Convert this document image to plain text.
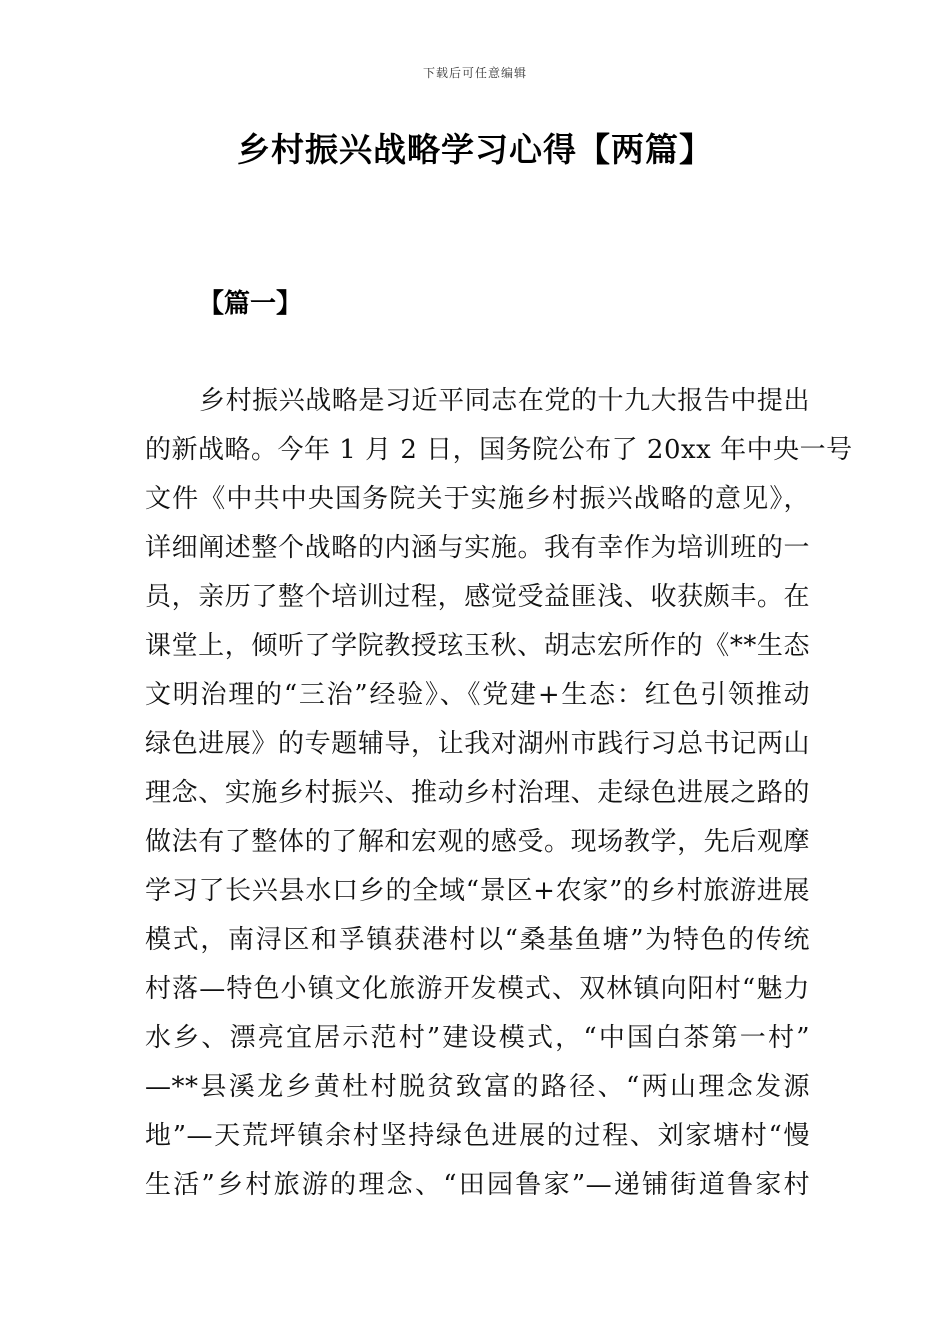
下载后可任意编辑
乡村振兴战略学习心得【两篇】
【篇一】
乡村振兴战略是习近平同志在党的十九大报告中提出
的新战略。今年 1 月 2 日，国务院公布了 20xx 年中央一号
文件《中共中央国务院关于实施乡村振兴战略的意见》，
详细阐述整个战略的内涵与实施。我有幸作为培训班的一
员，亲历了整个培训过程，感觉受益匪浅、收获颇丰。在
课堂上，倾听了学院教授玹玉秋、胡志宏所作的《**生态
文明治理的“三治”经验》、《党建+生态：红色引领推动
绿色进展》的专题辅导，让我对湖州市践行习总书记两山
理念、实施乡村振兴、推动乡村治理、走绿色进展之路的
做法有了整体的了解和宏观的感受。现场教学，先后观摩
学习了长兴县水口乡的全域“景区+农家”的乡村旅游进展
模式，南浔区和孚镇获港村以“桑基鱼塘”为特色的传统
村落—特色小镇文化旅游开发模式、双林镇向阳村“魅力
水乡、漂亮宜居示范村”建设模式，“中国白茶第一村”
—**县溪龙乡黄杜村脱贫致富的路径、“两山理念发源
地”—天荒坪镇余村坚持绿色进展的过程、刘家塘村“慢
生活”乡村旅游的理念、“田园鲁家”—递铺街道鲁家村
